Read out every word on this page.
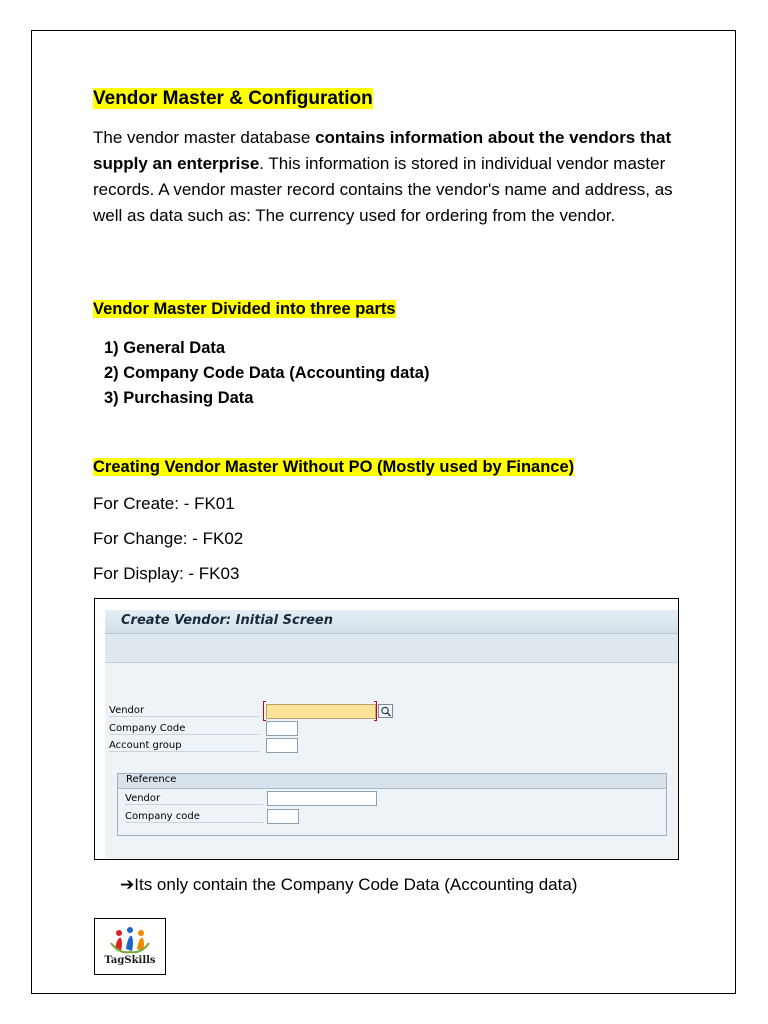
Vendor Master & Configuration
The vendor master database contains information about the vendors that supply an enterprise. This information is stored in individual vendor master records. A vendor master record contains the vendor's name and address, as well as data such as: The currency used for ordering from the vendor.
Vendor Master Divided into three parts
1) General Data
2) Company Code Data (Accounting data)
3) Purchasing Data
Creating Vendor Master Without PO (Mostly used by Finance)
For Create: - FK01
For Change: - FK02
For Display: - FK03
Create Vendor: Initial Screen
Vendor
Company Code
Account group
Reference
Vendor
Company code
➔Its only contain the Company Code Data (Accounting data)
TagSkills
